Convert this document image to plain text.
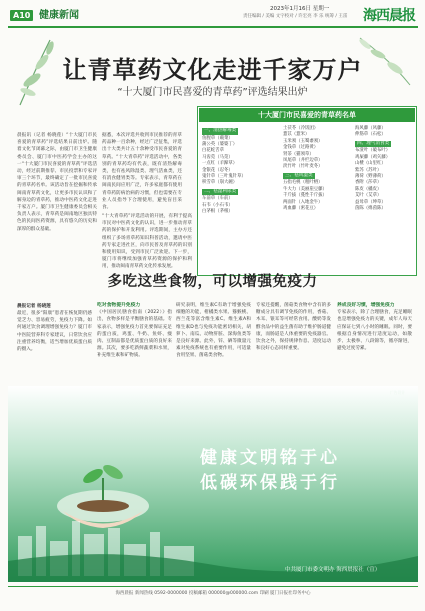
A10 健康新闻
2023年1月16日 星期一
责任编辑 / 美编 文字校对 / 许宏亮 李 乐 统筹 / 王雷 海西晨报
让青草药文化走进千家万户
“十大厦门市民喜爱的青草药”评选结果出炉
晨报讯（记者 杨晓莲）“十大厦门市民喜爱的青草药”评选结果日前出炉。随着文化节闭幕之际，由厦门市卫生健康委员会、厦门市中医药学会主办的这一“十大厦门市民喜爱的青草药”评选活动，经过前期推荐、市民投票和专家评审三个环节，最终确定了一批市民喜爱的青草药名单。该活动旨在挖掘和传承闽南青草药文化，让更多市民认识和了解身边的青草药，推动中医药文化走进千家万户。厦门市卫生健康委员会相关负责人表示，青草药是闽南地区独具特色的民间医药资源，具有悠久的历史和深厚的群众基础。
据悉，本次评选共收到市民推荐的青草药品种一百余种，经过广泛征集，评选出十大类共计五十余种受市民喜爱的青草药。“十大青草药”评选活动中，各类别的青草药均有代表，既有清热解毒类，也有祛风除湿类、理气活血类，还有消食健胃类等。专家表示，青草药在闽南民间应用广泛，许多家庭都有使用青草药防病治病的习惯，但也需要在专业人员指导下合理使用，避免盲目采食。
十大厦门市民喜爱的青草药名单
一、清热解毒类
鱼腥草（蕺菜）
蒲公英（婆婆丁）
白花蛇舌草
马齿苋（马苋）
一点红（羊蹄草）
金银花（忍冬）
鬼针草（三叶鬼针草）
积雪草（崩大碗）
二、祛湿利尿类
车前草（车前）
石韦（小石韦）
白茅根（茅根）
土茯苓（冷饭团）
薏苡（薏米）
玉米须（玉蜀黍须）
金钱草（过路黄）
肾茶（猫须草）
凤尾草（井栏边草）
淡竹叶（竹叶麦冬）
三、祛风湿类
五指毛桃（粗叶榕）
牛大力（美丽崖豆藤）
千斤拔（蔓性千斤拔）
两面针（入地金牛）
鸡血藤（密花豆）
海风藤（风藤）
伸筋草（石松）
四、理气消食类
布渣叶（破布叶）
鸡屎藤（鸡矢藤）
山楂（山里红）
紫苏（苏叶）
薄荷（野薄荷）
香附（莎草）
陈皮（橘皮）
艾叶（艾草）
益母草（坤草）
茵陈（绵茵陈）
“十大青草药”评选活动的开展，有利于提高市民对中医药文化的认识，进一步推动青草药的保护和开发利用。评选期间，主办方还组织了多场青草药知识科普活动，邀请中医药专家走进社区，向市民普及青草药的识别和使用知识，受到市民广泛欢迎。下一步，厦门市将继续加强青草药资源的保护和利用，推动闽南青草药文化传承发展。
多吃这些食物，可以增强免疫力
晨报记者 杨晓莲
最近，很多“阳康”患者在恢复期仍感觉乏力、容易疲劳，免疫力下降。如何通过饮食调理增强免疫力？厦门市中医院营养科专家建议，日常饮食应注重营养均衡，适当增加优质蛋白质的摄入。
吃对食物提升免疫力
《中国居民膳食指南（2022）》指出，食物多样是平衡膳食的基础。专家表示，增强免疫力首先要保证充足的蛋白质，鸡蛋、牛奶、鱼虾、瘦肉、豆制品都是优质蛋白质的良好来源。其次，要多吃新鲜蔬菜和水果，补充维生素和矿物质。
研究表明，维生素C有助于增强免疫细胞的功能，柑橘类水果、猕猴桃、西兰花等富含维生素C。维生素A和维生素D也与免疫功能密切相关，胡萝卜、南瓜、动物肝脏、深海鱼类等是良好来源。此外，锌、硒等微量元素对免疫系统也有重要作用，可适量食用坚果、菌菇类食物。
专家还提醒，菌菇类食物中含有的多糖成分具有调节免疫的作用，香菇、木耳、银耳等可经常食用。酸奶等发酵食品中的益生菌有助于维护肠道健康，而肠道是人体重要的免疫器官。饮食之外，保持规律作息、适度运动和良好心态同样重要。
养成良好习惯，增强免疫力
专家表示，除了合理膳食，充足睡眠也是增强免疫力的关键，成年人每天应保证七到八小时的睡眠。同时，要根据自身情况进行适度运动，如散步、太极拳、八段锦等，循序渐进，避免过度劳累。
健康文明铭于心
低碳环保践于行
中共厦门市委文明办 海西晨报社（宣）
广告设计
海西晨报 新闻热线 0592-0000000 投稿邮箱 000000@000000.com 印刷 厦门日报社印务中心
